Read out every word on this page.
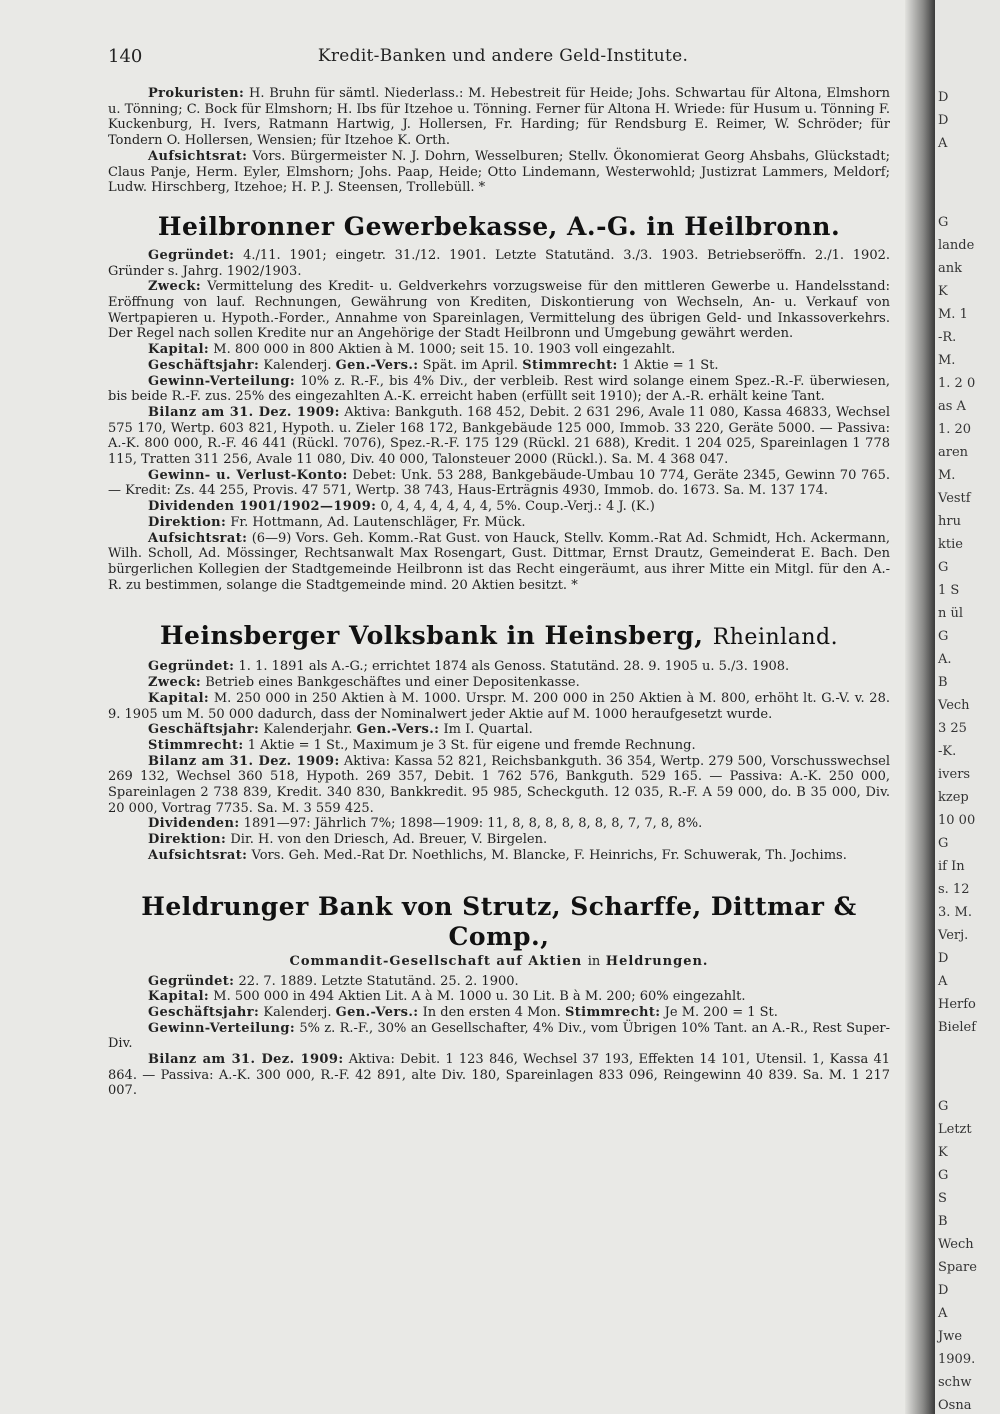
140	Kredit-Banken und andere Geld-Institute.

Prokuristen: H. Bruhn für sämtl. Niederlass.: M. Hebestreit für Heide; Johs. Schwartau für Altona, Elmshorn u. Tönning; C. Bock für Elmshorn; H. Ibs für Itzehoe u. Tönning. Ferner für Altona H. Wriede: für Husum u. Tönning F. Kuckenburg, H. Ivers, Ratmann Hartwig, J. Hollersen, Fr. Harding; für Rendsburg E. Reimer, W. Schröder; für Tondern O. Hollersen, Wensien; für Itzehoe K. Orth.

Aufsichtsrat: Vors. Bürgermeister N. J. Dohrn, Wesselburen; Stellv. Ökonomierat Georg Ahsbahs, Glückstadt; Claus Panje, Herm. Eyler, Elmshorn; Johs. Paap, Heide; Otto Lindemann, Westerwohld; Justizrat Lammers, Meldorf; Ludw. Hirschberg, Itzehoe; H. P. J. Steensen, Trollebüll. *

Heilbronner Gewerbekasse, A.-G. in Heilbronn.

Gegründet: 4./11. 1901; eingetr. 31./12. 1901. Letzte Statutänd. 3./3. 1903. Betriebseröffn. 2./1. 1902. Gründer s. Jahrg. 1902/1903.

Zweck: Vermittelung des Kredit- u. Geldverkehrs vorzugsweise für den mittleren Gewerbe u. Handelsstand: Eröffnung von lauf. Rechnungen, Gewährung von Krediten, Diskontierung von Wechseln, An- u. Verkauf von Wertpapieren u. Hypoth.-Forder., Annahme von Spareinlagen, Vermittelung des übrigen Geld- und Inkassoverkehrs. Der Regel nach sollen Kredite nur an Angehörige der Stadt Heilbronn und Umgebung gewährt werden.

Kapital: M. 800 000 in 800 Aktien à M. 1000; seit 15. 10. 1903 voll eingezahlt.

Geschäftsjahr: Kalenderj. Gen.-Vers.: Spät. im April. Stimmrecht: 1 Aktie = 1 St.

Gewinn-Verteilung: 10% z. R.-F., bis 4% Div., der verbleib. Rest wird solange einem Spez.-R.-F. überwiesen, bis beide R.-F. zus. 25% des eingezahlten A.-K. erreicht haben (erfüllt seit 1910); der A.-R. erhält keine Tant.

Bilanz am 31. Dez. 1909: Aktiva: Bankguth. 168 452, Debit. 2 631 296, Avale 11 080, Kassa 46833, Wechsel 575 170, Wertp. 603 821, Hypoth. u. Zieler 168 172, Bankgebäude 125 000, Immob. 33 220, Geräte 5000. — Passiva: A.-K. 800 000, R.-F. 46 441 (Rückl. 7076), Spez.-R.-F. 175 129 (Rückl. 21 688), Kredit. 1 204 025, Spareinlagen 1 778 115, Tratten 311 256, Avale 11 080, Div. 40 000, Talonsteuer 2000 (Rückl.). Sa. M. 4 368 047.

Gewinn- u. Verlust-Konto: Debet: Unk. 53 288, Bankgebäude-Umbau 10 774, Geräte 2345, Gewinn 70 765. — Kredit: Zs. 44 255, Provis. 47 571, Wertp. 38 743, Haus-Erträgnis 4930, Immob. do. 1673. Sa. M. 137 174.

Dividenden 1901/1902—1909: 0, 4, 4, 4, 4, 4, 4, 5%. Coup.-Verj.: 4 J. (K.)

Direktion: Fr. Hottmann, Ad. Lautenschläger, Fr. Mück.

Aufsichtsrat: (6—9) Vors. Geh. Komm.-Rat Gust. von Hauck, Stellv. Komm.-Rat Ad. Schmidt, Hch. Ackermann, Wilh. Scholl, Ad. Mössinger, Rechtsanwalt Max Rosengart, Gust. Dittmar, Ernst Drautz, Gemeinderat E. Bach. Den bürgerlichen Kollegien der Stadtgemeinde Heilbronn ist das Recht eingeräumt, aus ihrer Mitte ein Mitgl. für den A.-R. zu bestimmen, solange die Stadtgemeinde mind. 20 Aktien besitzt. *

Heinsberger Volksbank in Heinsberg, Rheinland.

Gegründet: 1. 1. 1891 als A.-G.; errichtet 1874 als Genoss. Statutänd. 28. 9. 1905 u. 5./3. 1908.

Zweck: Betrieb eines Bankgeschäftes und einer Depositenkasse.

Kapital: M. 250 000 in 250 Aktien à M. 1000. Urspr. M. 200 000 in 250 Aktien à M. 800, erhöht lt. G.-V. v. 28. 9. 1905 um M. 50 000 dadurch, dass der Nominalwert jeder Aktie auf M. 1000 heraufgesetzt wurde.

Geschäftsjahr: Kalenderjahr. Gen.-Vers.: Im I. Quartal.

Stimmrecht: 1 Aktie = 1 St., Maximum je 3 St. für eigene und fremde Rechnung.

Bilanz am 31. Dez. 1909: Aktiva: Kassa 52 821, Reichsbankguth. 36 354, Wertp. 279 500, Vorschusswechsel 269 132, Wechsel 360 518, Hypoth. 269 357, Debit. 1 762 576, Bankguth. 529 165. — Passiva: A.-K. 250 000, Spareinlagen 2 738 839, Kredit. 340 830, Bankkredit. 95 985, Scheckguth. 12 035, R.-F. A 59 000, do. B 35 000, Div. 20 000, Vortrag 7735. Sa. M. 3 559 425.

Dividenden: 1891—97: Jährlich 7%; 1898—1909: 11, 8, 8, 8, 8, 8, 8, 8, 7, 7, 8, 8%.

Direktion: Dir. H. von den Driesch, Ad. Breuer, V. Birgelen.

Aufsichtsrat: Vors. Geh. Med.-Rat Dr. Noethlichs, M. Blancke, F. Heinrichs, Fr. Schuwerak, Th. Jochims.

Heldrunger Bank von Strutz, Scharffe, Dittmar & Comp.,
Commandit-Gesellschaft auf Aktien in Heldrungen.

Gegründet: 22. 7. 1889. Letzte Statutänd. 25. 2. 1900.

Kapital: M. 500 000 in 494 Aktien Lit. A à M. 1000 u. 30 Lit. B à M. 200; 60% eingezahlt.

Geschäftsjahr: Kalenderj. Gen.-Vers.: In den ersten 4 Mon. Stimmrecht: Je M. 200 = 1 St.

Gewinn-Verteilung: 5% z. R.-F., 30% an Gesellschafter, 4% Div., vom Übrigen 10% Tant. an A.-R., Rest Super-Div.

Bilanz am 31. Dez. 1909: Aktiva: Debit. 1 123 846, Wechsel 37 193, Effekten 14 101, Utensil. 1, Kassa 41 864. — Passiva: A.-K. 300 000, R.-F. 42 891, alte Div. 180, Spareinlagen 833 096, Reingewinn 40 839. Sa. M. 1 217 007.

D
D
A
G
lande
ank
K
M. 1
-R.
M.
1. 2 0
as A
1. 20
aren
M.
Vestf
hru
ktie
G
1 S
n ül
G
A.
B
Vech
3 25
-K.
ivers
kzep
10 00
G
if In
s. 12
3. M.
Verj.
D
A
Herfo
Bielef
G
Letzt
K
G
S
B
Wech
Spare
D
A
Jwe
1909.
schw
Osna
